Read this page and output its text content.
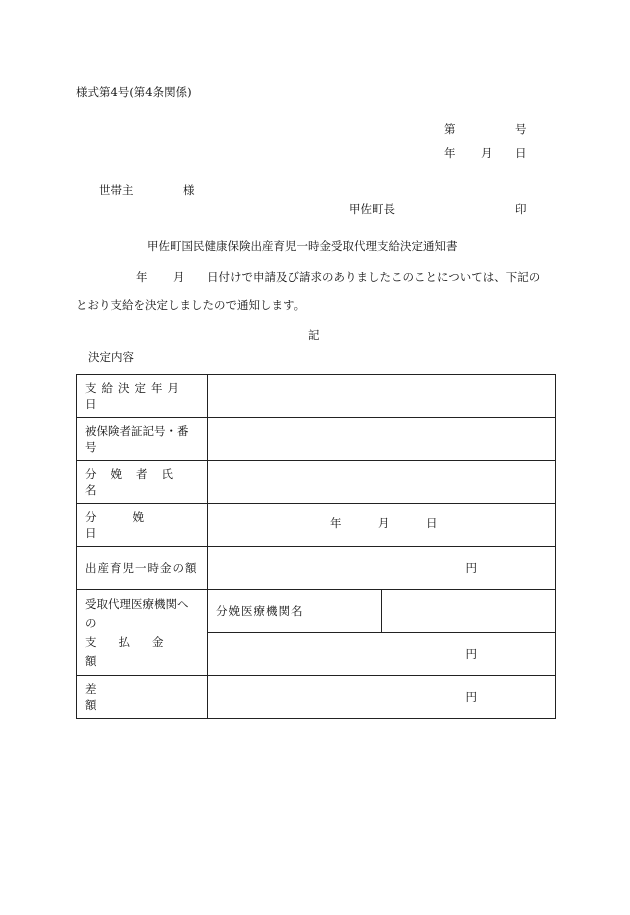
様式第4号(第4条関係)
第	号
年 月 日
世帯主	様
甲佐町長	印
甲佐町国民健康保険出産育児一時金受取代理支給決定通知書
年 月 日付けで申請及び請求のありましたこのことについては、下記の
とおり支給を決定しましたので通知します。
記
決定内容
支給決定年月日		

被保険者証記号・番号		

分娩者氏名		

分娩日	年 月 日	

出産育児一時金の額	円	

受取代理医療機関への
支払金額	分娩医療機関名	

	円	

差額	円	
